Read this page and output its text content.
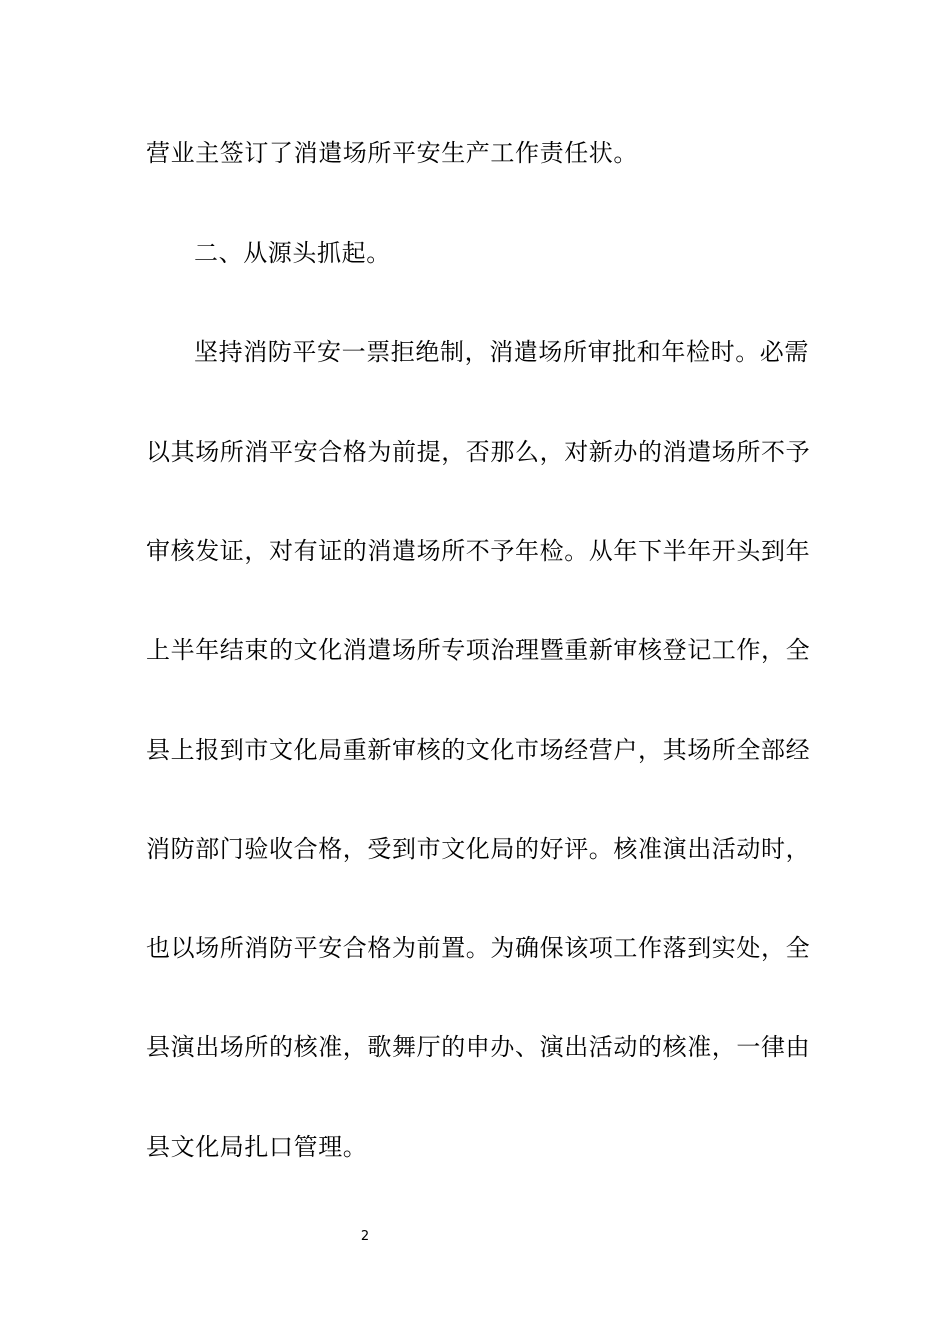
营业主签订了消遣场所平安生产工作责任状。
二、从源头抓起。
坚持消防平安一票拒绝制，消遣场所审批和年检时。必需
以其场所消平安合格为前提，否那么，对新办的消遣场所不予
审核发证，对有证的消遣场所不予年检。从年下半年开头到年
上半年结束的文化消遣场所专项治理暨重新审核登记工作，全
县上报到市文化局重新审核的文化市场经营户，其场所全部经
消防部门验收合格，受到市文化局的好评。核准演出活动时，
也以场所消防平安合格为前置。为确保该项工作落到实处，全
县演出场所的核准，歌舞厅的申办、演出活动的核准，一律由
县文化局扎口管理。
2
